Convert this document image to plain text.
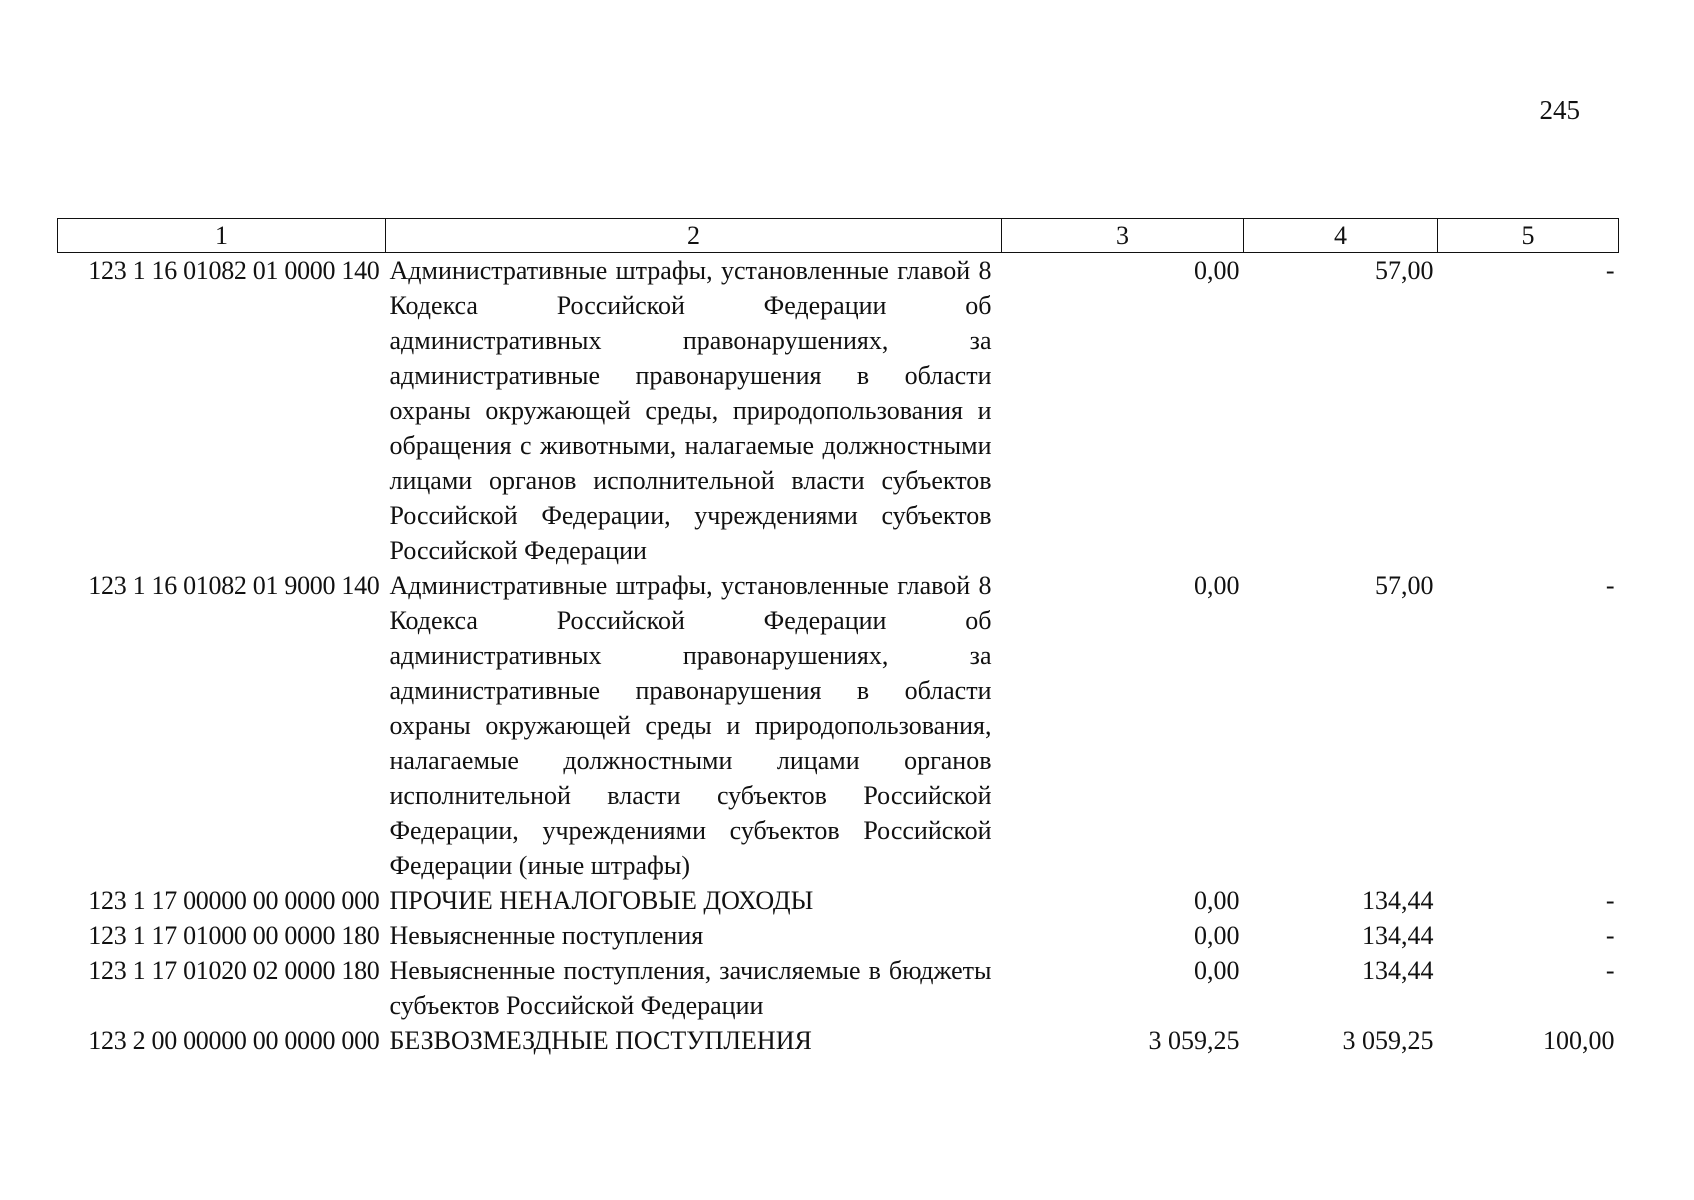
245
1	2	3	4	5
123 1 16 01082 01 0000 140	Административные штрафы, установленные главой 8 Кодекса Российской Федерации об административных правонарушениях, за административные правонарушения в области охраны окружающей среды, природопользования и обращения с животными, налагаемые должностными лицами органов исполнительной власти субъектов Российской Федерации, учреждениями субъектов Российской Федерации	0,00	57,00	-
123 1 16 01082 01 9000 140	Административные штрафы, установленные главой 8 Кодекса Российской Федерации об административных правонарушениях, за административные правонарушения в области охраны окружающей среды и природопользования, налагаемые должностными лицами органов исполнительной власти субъектов Российской Федерации, учреждениями субъектов Российской Федерации (иные штрафы)	0,00	57,00	-
123 1 17 00000 00 0000 000	ПРОЧИЕ НЕНАЛОГОВЫЕ ДОХОДЫ	0,00	134,44	-
123 1 17 01000 00 0000 180	Невыясненные поступления	0,00	134,44	-
123 1 17 01020 02 0000 180	Невыясненные поступления, зачисляемые в бюджеты субъектов Российской Федерации	0,00	134,44	-
123 2 00 00000 00 0000 000	БЕЗВОЗМЕЗДНЫЕ ПОСТУПЛЕНИЯ	3 059,25	3 059,25	100,00
